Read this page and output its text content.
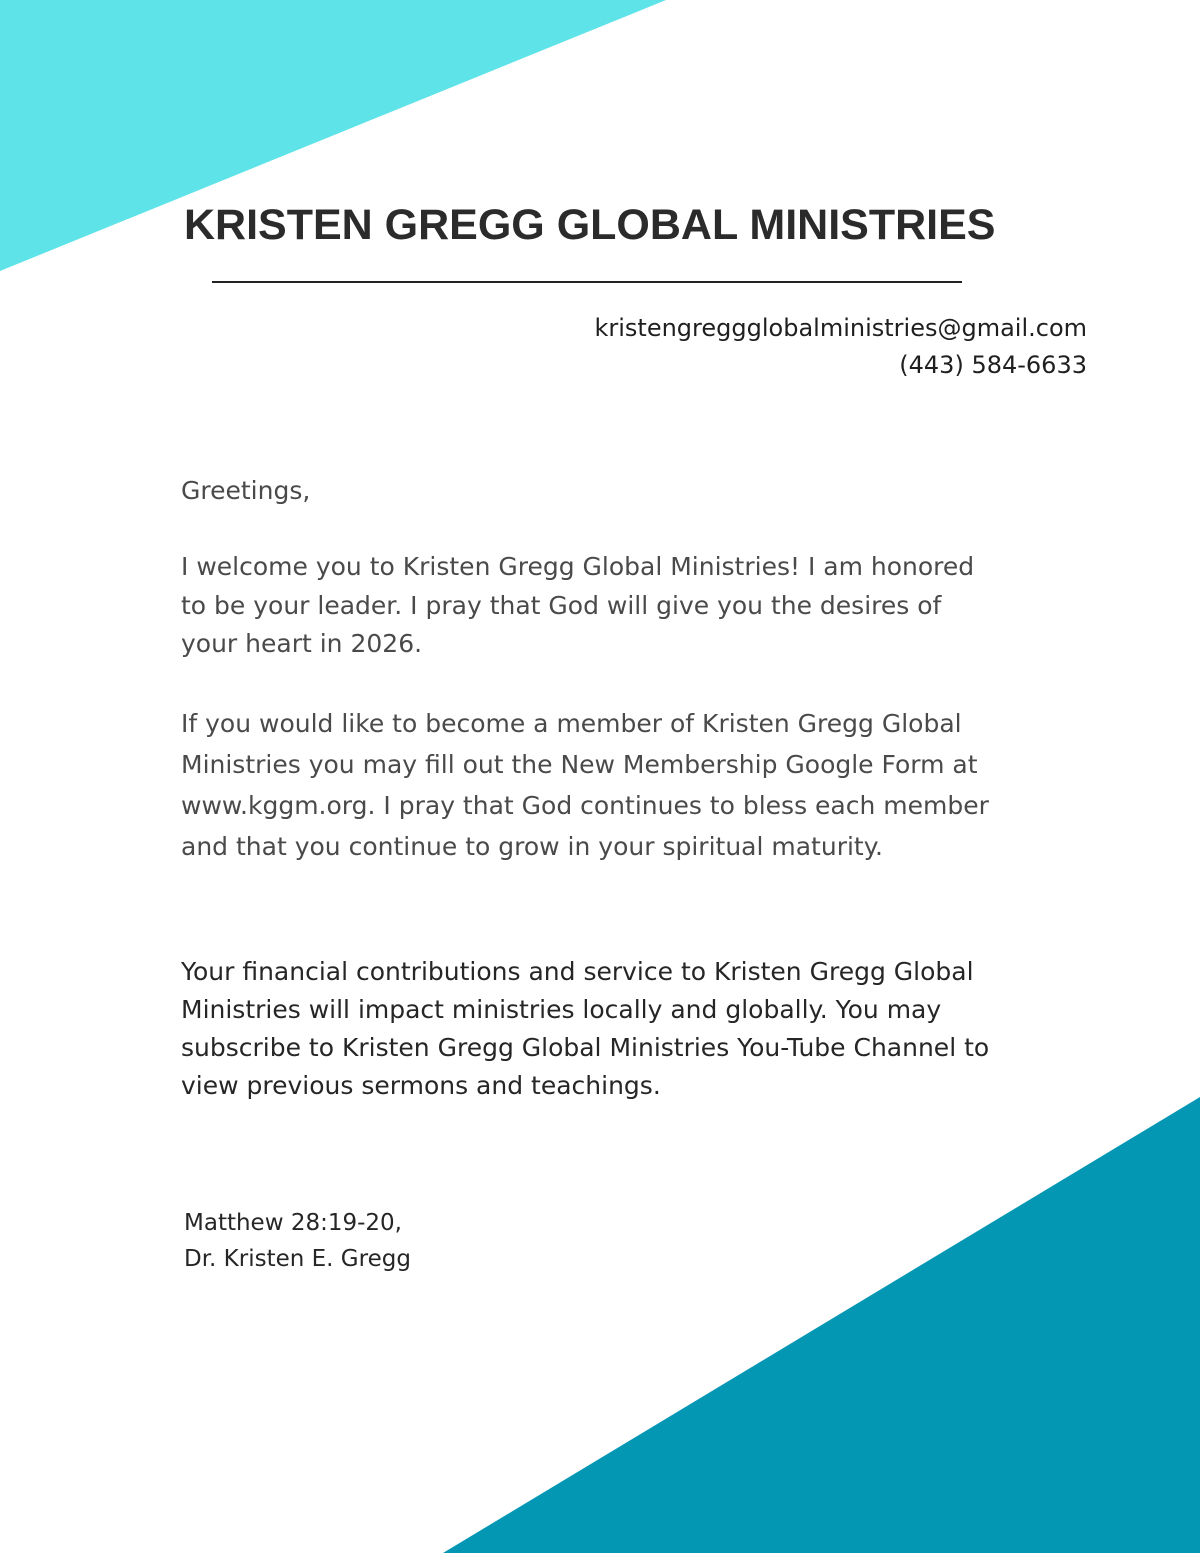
KRISTEN GREGG GLOBAL MINISTRIES
kristengreggglobalministries@gmail.com
(443) 584-6633

Greetings,

I welcome you to Kristen Gregg Global Ministries! I am honored to be your leader. I pray that God will give you the desires of your heart in 2026.

If you would like to become a member of Kristen Gregg Global Ministries you may fill out the New Membership Google Form at www.kggm.org. I pray that God continues to bless each member and that you continue to grow in your spiritual maturity.

Your financial contributions and service to Kristen Gregg Global Ministries will impact ministries locally and globally. You may subscribe to Kristen Gregg Global Ministries You-Tube Channel to view previous sermons and teachings.

Matthew 28:19-20,
Dr. Kristen E. Gregg
